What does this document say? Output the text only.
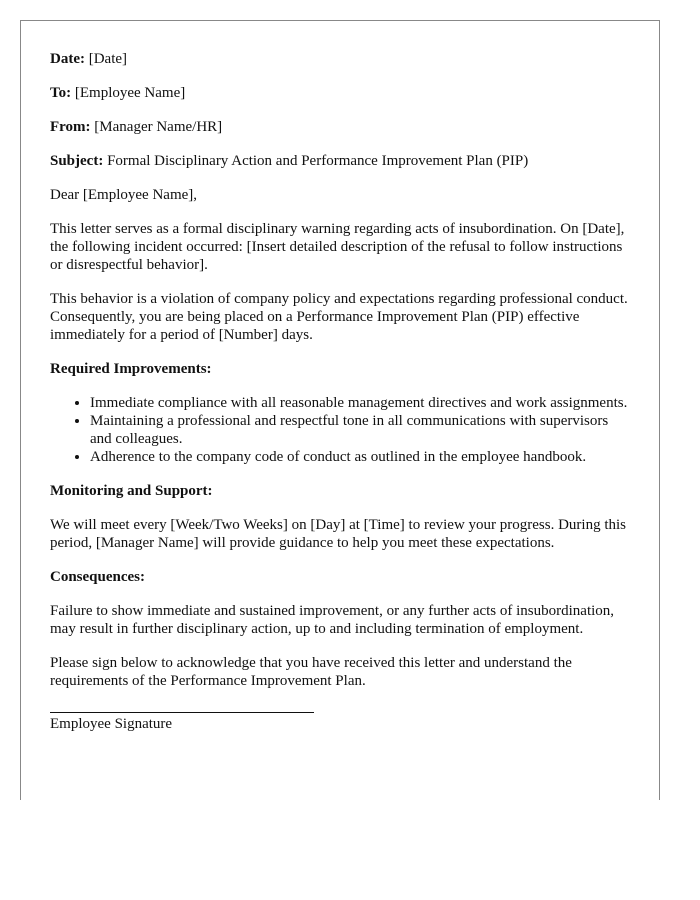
Date: [Date]

To: [Employee Name]

From: [Manager Name/HR]

Subject: Formal Disciplinary Action and Performance Improvement Plan (PIP)

Dear [Employee Name],

This letter serves as a formal disciplinary warning regarding acts of insubordination. On [Date], the following incident occurred: [Insert detailed description of the refusal to follow instructions or disrespectful behavior].

This behavior is a violation of company policy and expectations regarding professional conduct. Consequently, you are being placed on a Performance Improvement Plan (PIP) effective immediately for a period of [Number] days.

Required Improvements:

• Immediate compliance with all reasonable management directives and work assignments.
• Maintaining a professional and respectful tone in all communications with supervisors and colleagues.
• Adherence to the company code of conduct as outlined in the employee handbook.

Monitoring and Support:

We will meet every [Week/Two Weeks] on [Day] at [Time] to review your progress. During this period, [Manager Name] will provide guidance to help you meet these expectations.

Consequences:

Failure to show immediate and sustained improvement, or any further acts of insubordination, may result in further disciplinary action, up to and including termination of employment.

Please sign below to acknowledge that you have received this letter and understand the requirements of the Performance Improvement Plan.

Employee Signature
